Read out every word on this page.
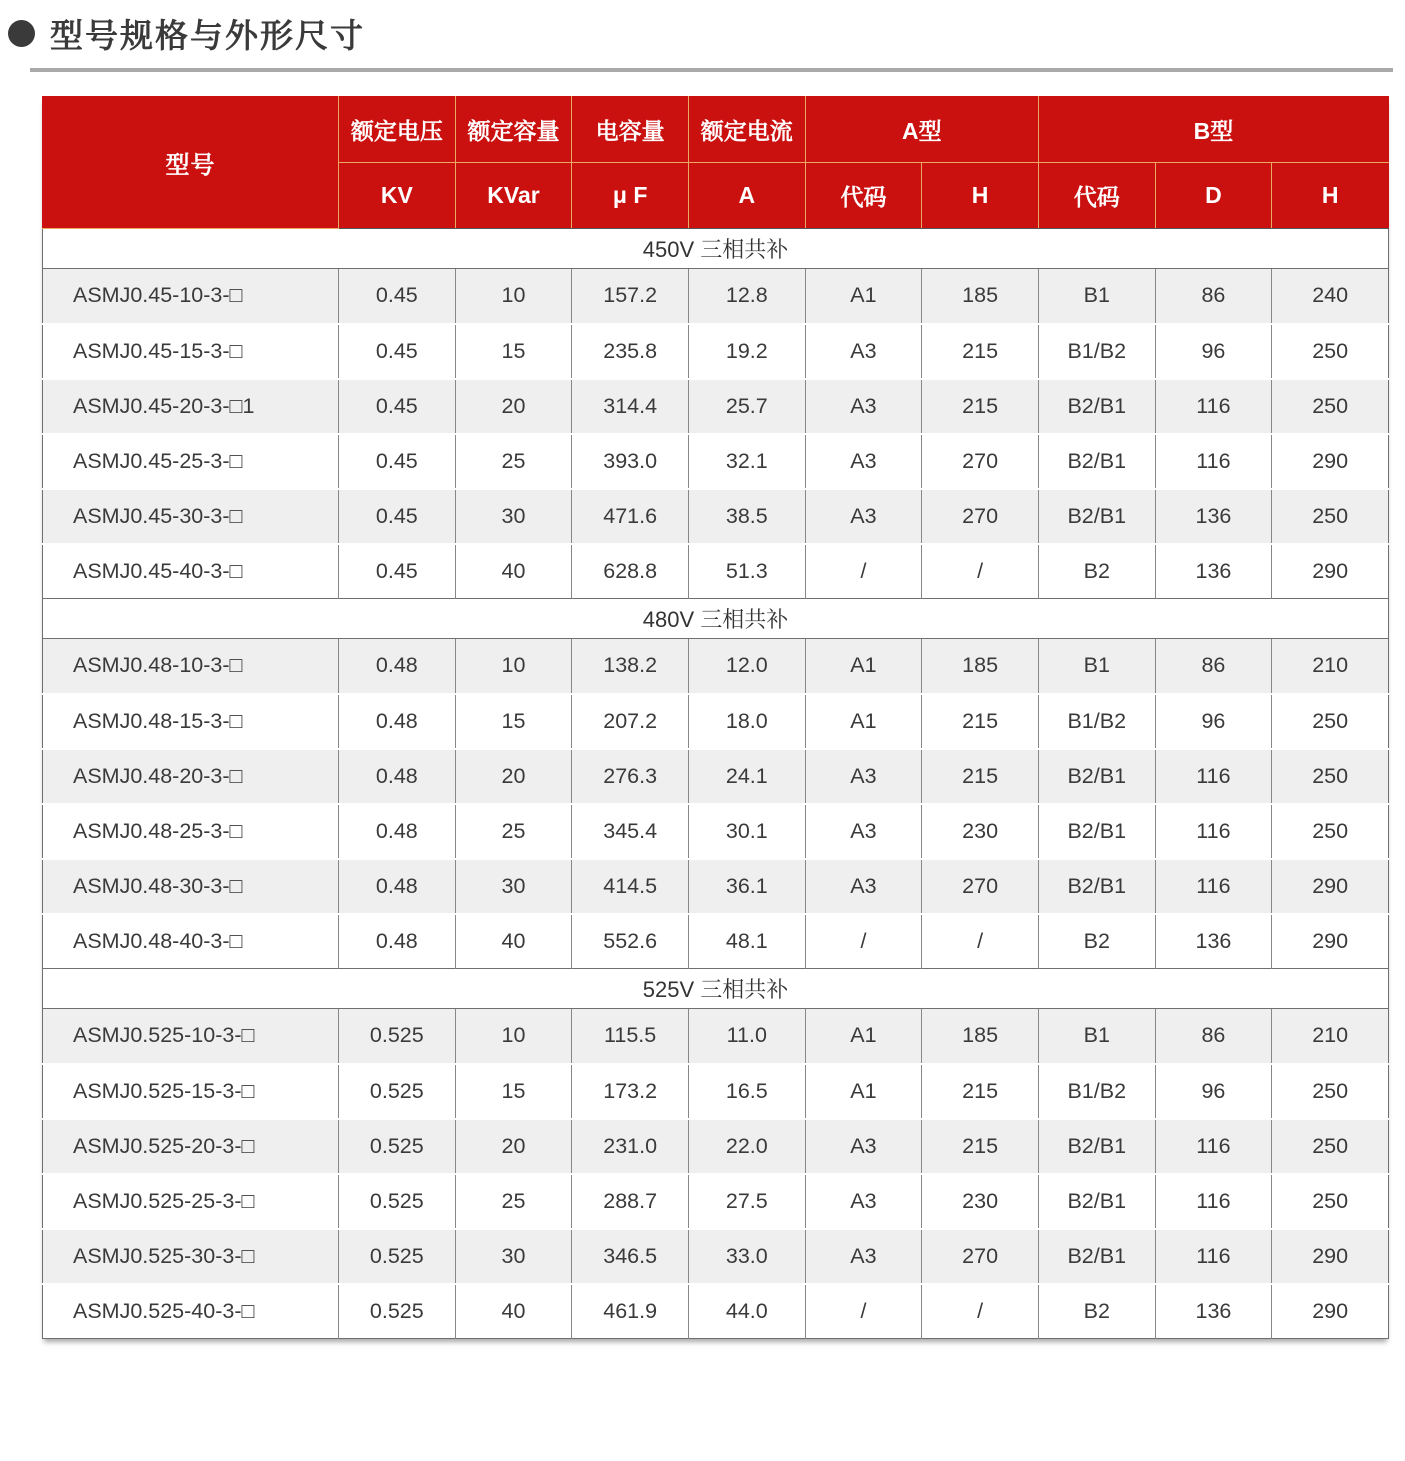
型号规格与外形尺寸
型号	额定电压	额定容量	电容量	额定电流	A型		B型		
	KV	KVar	μ F	A	代码	H	代码	D	H
450V 三相共补									
ASMJ0.45-10-3-□	0.45	10	157.2	12.8	A1	185	B1	86	240
ASMJ0.45-15-3-□	0.45	15	235.8	19.2	A3	215	B1/B2	96	250
ASMJ0.45-20-3-□1	0.45	20	314.4	25.7	A3	215	B2/B1	116	250
ASMJ0.45-25-3-□	0.45	25	393.0	32.1	A3	270	B2/B1	116	290
ASMJ0.45-30-3-□	0.45	30	471.6	38.5	A3	270	B2/B1	136	250
ASMJ0.45-40-3-□	0.45	40	628.8	51.3	/	/	B2	136	290
480V 三相共补									
ASMJ0.48-10-3-□	0.48	10	138.2	12.0	A1	185	B1	86	210
ASMJ0.48-15-3-□	0.48	15	207.2	18.0	A1	215	B1/B2	96	250
ASMJ0.48-20-3-□	0.48	20	276.3	24.1	A3	215	B2/B1	116	250
ASMJ0.48-25-3-□	0.48	25	345.4	30.1	A3	230	B2/B1	116	250
ASMJ0.48-30-3-□	0.48	30	414.5	36.1	A3	270	B2/B1	116	290
ASMJ0.48-40-3-□	0.48	40	552.6	48.1	/	/	B2	136	290
525V 三相共补									
ASMJ0.525-10-3-□	0.525	10	115.5	11.0	A1	185	B1	86	210
ASMJ0.525-15-3-□	0.525	15	173.2	16.5	A1	215	B1/B2	96	250
ASMJ0.525-20-3-□	0.525	20	231.0	22.0	A3	215	B2/B1	116	250
ASMJ0.525-25-3-□	0.525	25	288.7	27.5	A3	230	B2/B1	116	250
ASMJ0.525-30-3-□	0.525	30	346.5	33.0	A3	270	B2/B1	116	290
ASMJ0.525-40-3-□	0.525	40	461.9	44.0	/	/	B2	136	290
